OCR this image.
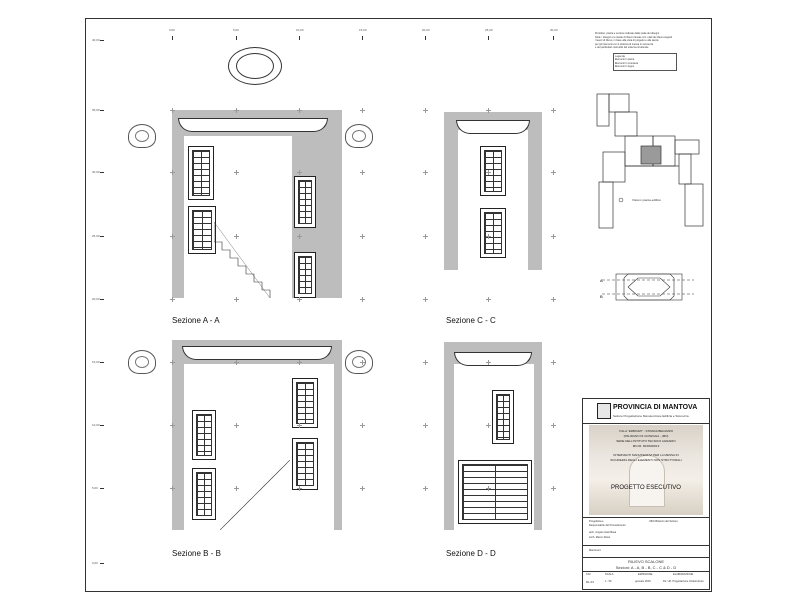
0,00	5,00	10,00	15,00	20,00	25,00	30,00
40,00
35,00
30,00
25,00
20,00
15,00
10,00
5,00
0,00
Sezione A - A	Sezione C - C
Sezione B - B	Sezione D - D
Prototipo, pianta e sezione indicate dalla scala dei disegni
Nota: i disegni e le tavole di rilievo rilevate con i dati dei rilievi eseguiti
I lavori di rilievo, in base alla vista di progetto e alle tavole
per gli interventi con il sistema di messa in sicurezza
e dei particolari costruttivi del sistema strutturale
Legenda
Elementi in pietra
Elementi in muratura
Elementi in legno
Vista in pianta edificio
A
B
PROVINCIA DI MANTOVA
Settore Progettazione Manutenzione Edilizia e Sicurezza
VILLA "ERBOZZI" - STRADA BEGOZZO
(PALIDANO DI GONZAGA - (MN)
SEDE DELL'ISTITUTO TECNICO AGRARIO
MN.IR. MN0000013
INTERVENTI MANUTENTIVI PER LA MESSA IN
SICUREZZA DEGLI ELEMENTI NON STRUTTURALI
PROGETTO ESECUTIVO
Progettista e
Responsabile del Procedimento
arch. Angelo Gatti Bava
Arch. Marco Rossi
Uffici Bilancio del Settore
Mantova lì
RILIEVO SCALONE
Sezioni: A - A, B - B, C - C & D - D
TAV.	SCALA	EMISSIONE	ELABORAZIONE
RL 03	1 : 50	gennaio 2015	Dir. Uff. Progettazione Infrastrutture
